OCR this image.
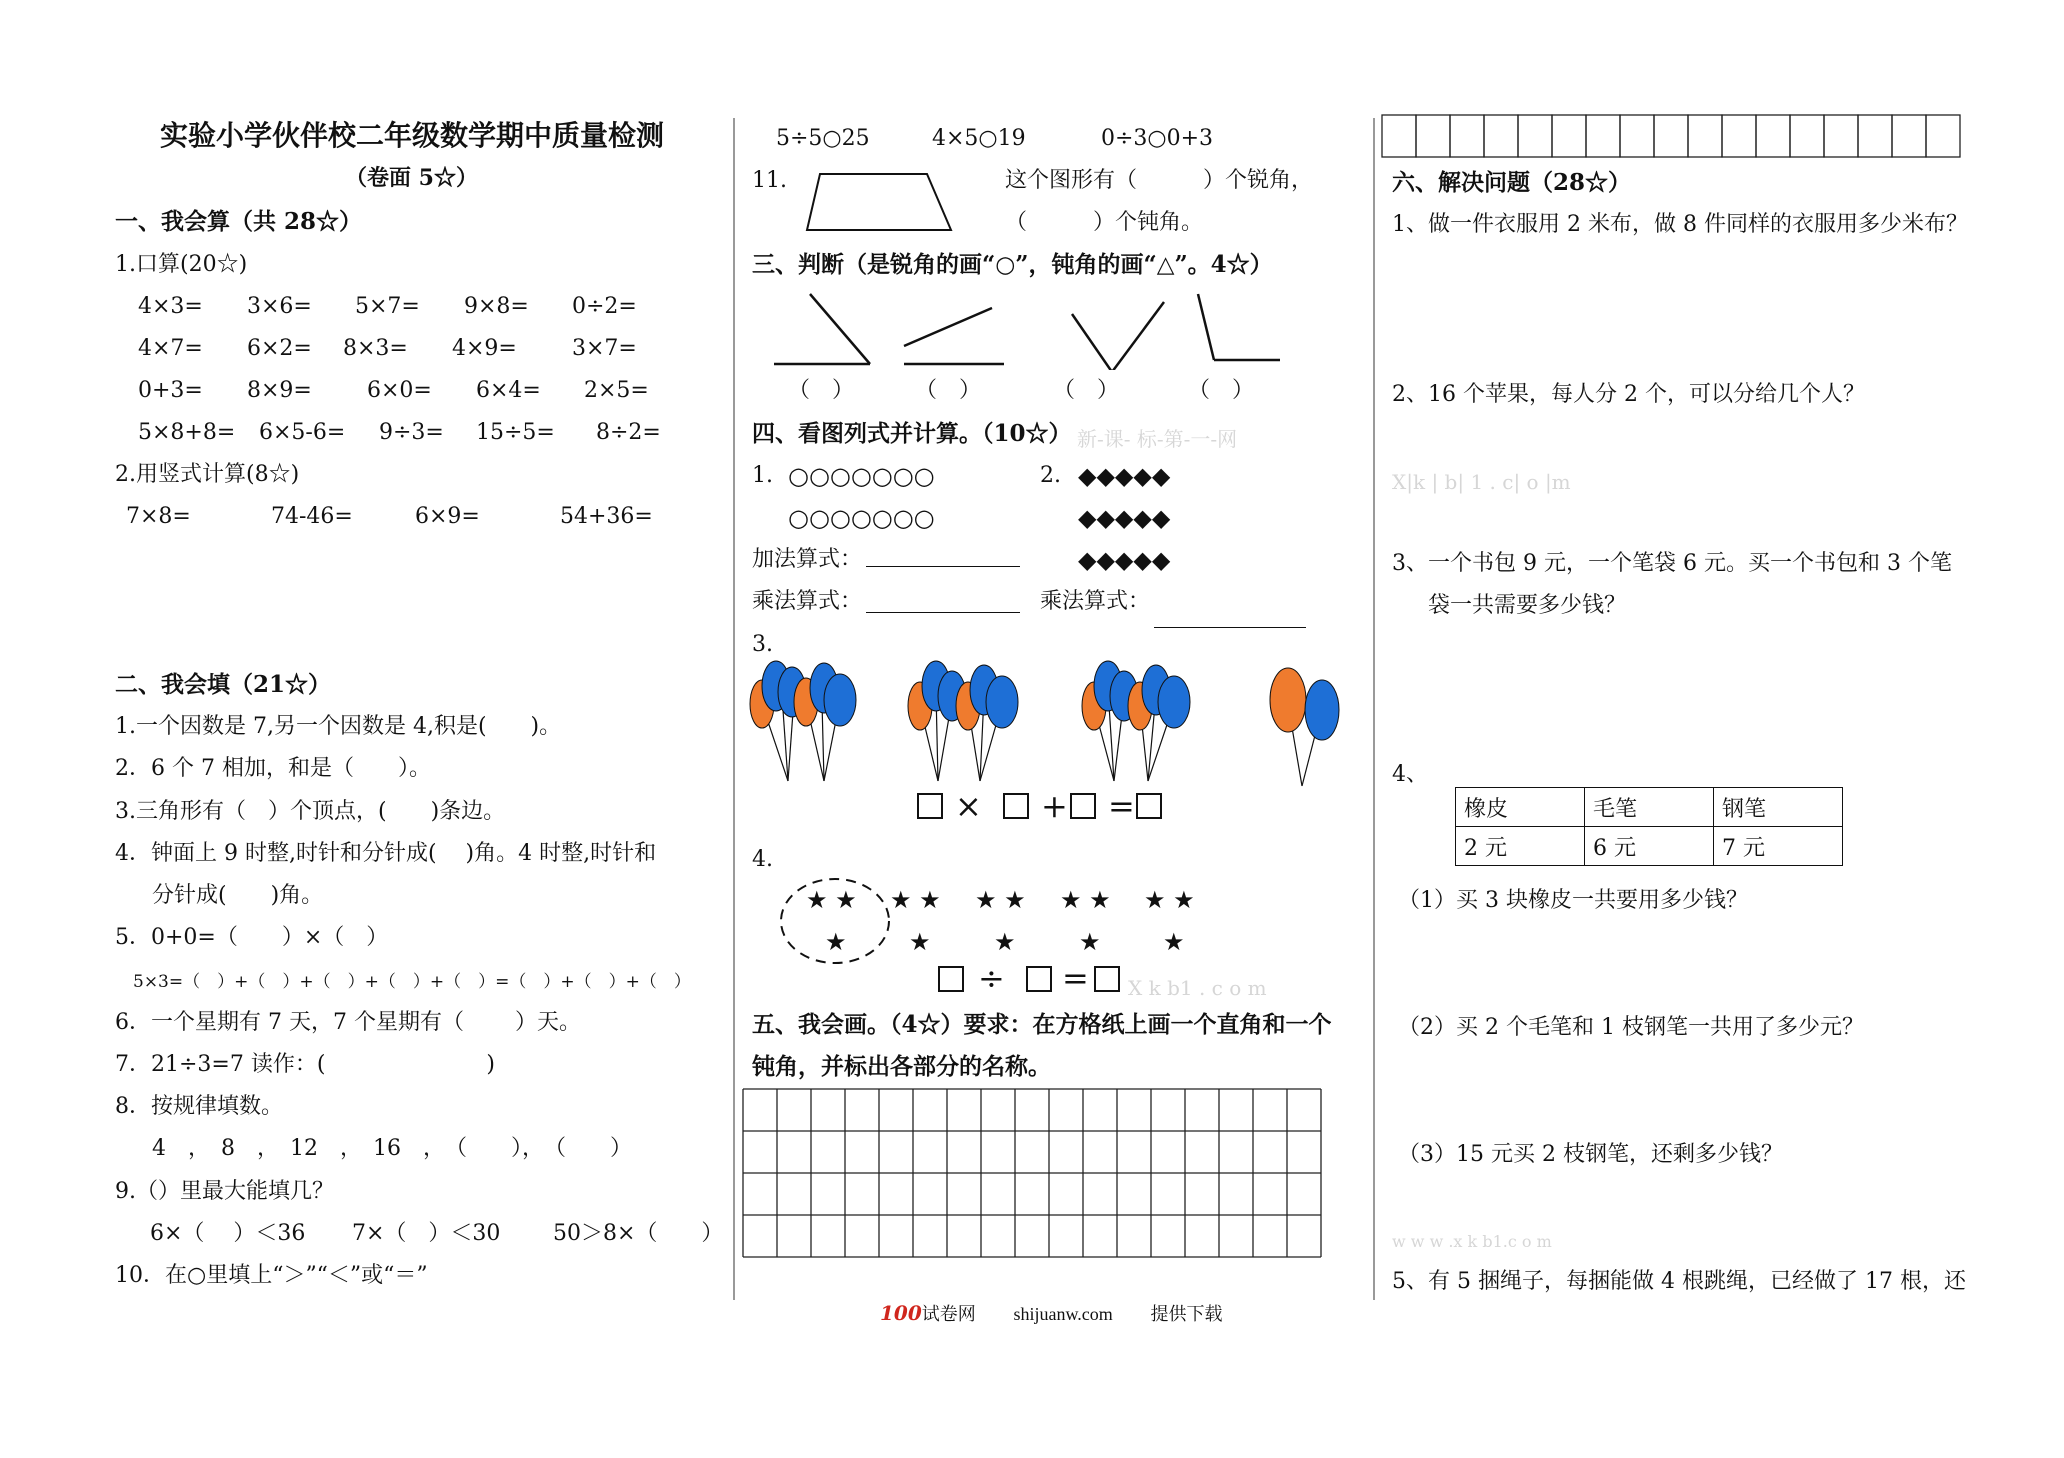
实验小学伙伴校二年级数学期中质量检测
（卷面 5☆）
一、我会算（共 28☆）
1.口算(20☆)
4×3= 3×6= 5×7= 9×8= 0÷2=
4×7= 6×2= 8×3= 4×9=	3×7=
0+3= 8×9=	6×0= 6×4= 2×5=
5×8+8= 6×5-6= 9÷3= 15÷5= 8÷2=
2.用竖式计算(8☆)
7×8=	74-46=	6×9=	54+36=
二、我会填（21☆）
1.一个因数是 7,另一个因数是 4,积是(　　)。
2．6 个 7 相加，和是（　　）。
3.三角形有（　）个顶点，(　　)条边。
4．钟面上 9 时整,时针和分针成(　 )角。4 时整,时针和
分针成(　　)角。
5．0+0=（　　）×（　）
5×3=（　）+（　）+（　）+（　）+（　）=（　）+（　）+（　）
6．一个星期有 7 天，7 个星期有（　　 ）天。
7．21÷3=7 读作：(　　　　　　　 )
8．按规律填数。
4　，　8　，　12　，　16　，　（　　），　（　　）
9.（）里最大能填几？
6×（　 ）＜36 7×（　）＜30 50＞8×（　　）
10．在○里填上“＞”“＜”或“＝”
5÷5○25	4×5○19	0÷3○0+3
11.	这个图形有（　　　）个锐角，
（　　　）个钝角。
三、判断（是锐角的画“○”，钝角的画“△”。4☆）
（　）	（　）	（　）	（　）
四、看图列式并计算。（10☆） 新-课- 标-第-一-网
1. ○○○○○○○
○○○○○○○
2. ◆◆◆◆◆
◆◆◆◆◆
◆◆◆◆◆
加法算式：
乘法算式：	乘法算式：
3.
× + =
4.
★ ★
★
★ ★
★
★ ★
★
★ ★
★
★ ★
★
÷ = X k b1 . c o m
五、我会画。（4☆）要求：在方格纸上画一个直角和一个
钝角，并标出各部分的名称。
六、解决问题（28☆）
1、做一件衣服用 2 米布，做 8 件同样的衣服用多少米布？
2、16 个苹果，每人分 2 个，可以分给几个人？
X|k | b| 1 . c| o |m
3、一个书包 9 元，一个笔袋 6 元。买一个书包和 3 个笔
袋一共需要多少钱？
4、
橡皮	毛笔	钢笔
2 元	6 元	7 元
（1）买 3 块橡皮一共要用多少钱？
（2）买 2 个毛笔和 1 枝钢笔一共用了多少元？
（3）15 元买 2 枝钢笔，还剩多少钱？
w w w .x k b1.c o m
5、有 5 捆绳子，每捆能做 4 根跳绳，已经做了 17 根，还
100试卷网 shijuanw.com 提供下载
